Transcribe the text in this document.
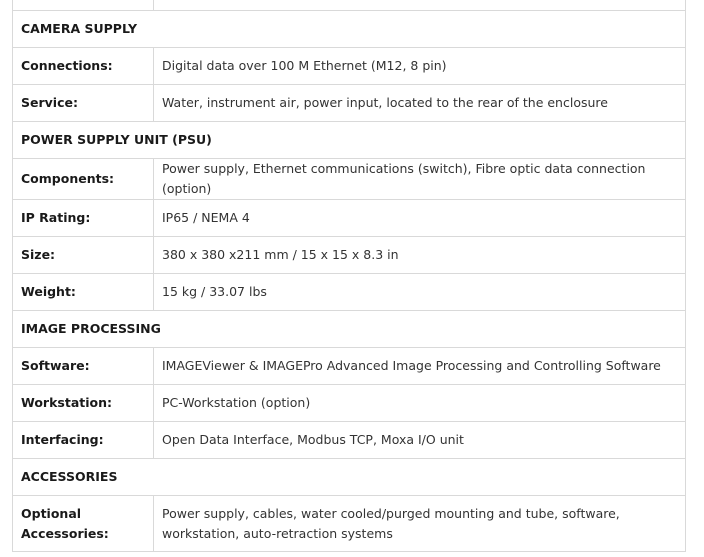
CAMERA SUPPLY	
Connections:	Digital data over 100 M Ethernet (M12, 8 pin)
Service:	Water, instrument air, power input, located to the rear of the enclosure
POWER SUPPLY UNIT (PSU)	
Components:	Power supply, Ethernet communications (switch), Fibre optic data connection (option)
IP Rating:	IP65 / NEMA 4
Size:	380 x 380 x211 mm / 15 x 15 x 8.3 in
Weight:	15 kg / 33.07 lbs
IMAGE PROCESSING	
Software:	IMAGEViewer & IMAGEPro Advanced Image Processing and Controlling Software
Workstation:	PC-Workstation (option)
Interfacing:	Open Data Interface, Modbus TCP, Moxa I/O unit
ACCESSORIES	
Optional Accessories:	Power supply, cables, water cooled/purged mounting and tube, software, workstation, auto-retraction systems
